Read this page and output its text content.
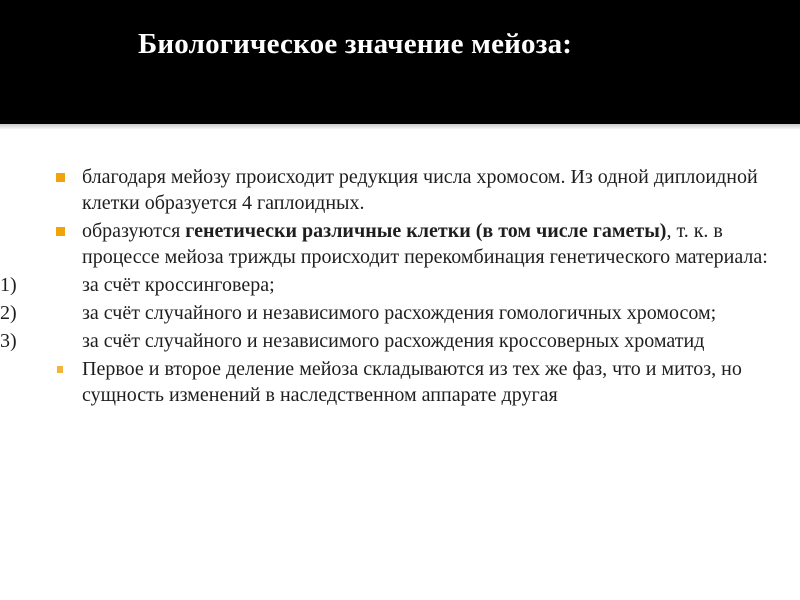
Биологическое значение мейоза:
благодаря мейозу происходит редукция числа хромосом. Из одной диплоидной клетки образуется 4 гаплоидных.
образуются генетически различные клетки (в том числе гаметы), т. к. в процессе мейоза трижды происходит перекомбинация генетического материала:
1)	за счёт кроссинговера;
2)	за счёт случайного и независимого расхождения гомологичных хромосом;
3)	за счёт случайного и независимого расхождения кроссоверных хроматид
Первое и второе деление мейоза складываются из тех же фаз, что и митоз, но сущность изменений в наследственном аппарате другая
